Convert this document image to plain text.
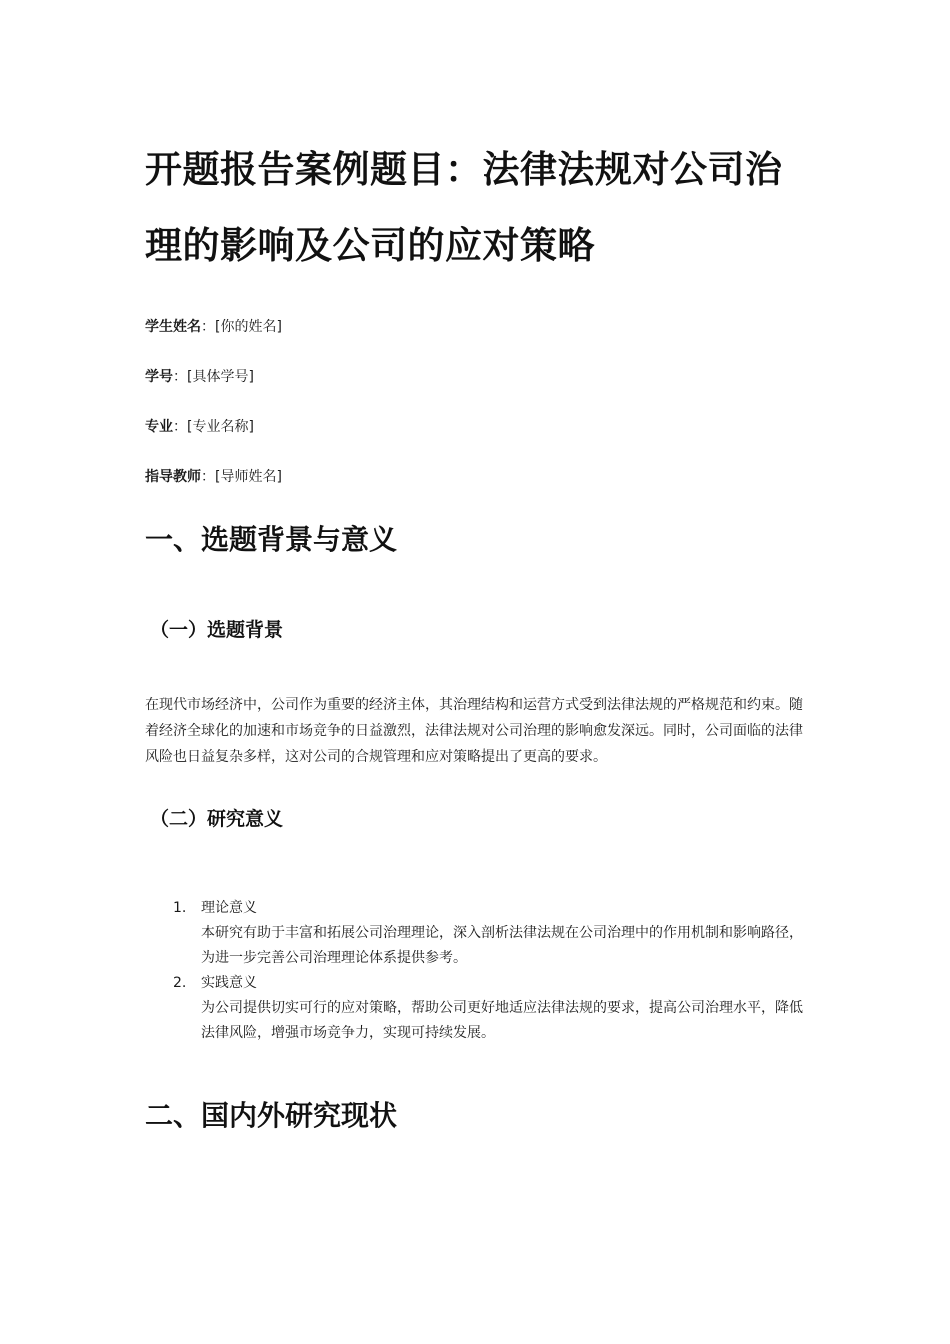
开题报告案例题目：法律法规对公司治理的影响及公司的应对策略

学生姓名：[你的姓名]

学号：[具体学号]

专业：[专业名称]

指导教师：[导师姓名]

一、选题背景与意义
（一）选题背景

在现代市场经济中，公司作为重要的经济主体，其治理结构和运营方式受到法律法规的严格规范和约束。随着经济全球化的加速和市场竞争的日益激烈，法律法规对公司治理的影响愈发深远。同时，公司面临的法律风险也日益复杂多样，这对公司的合规管理和应对策略提出了更高的要求。

（二）研究意义
1. 理论意义
本研究有助于丰富和拓展公司治理理论，深入剖析法律法规在公司治理中的作用机制和影响路径，为进一步完善公司治理理论体系提供参考。
2. 实践意义
为公司提供切实可行的应对策略，帮助公司更好地适应法律法规的要求，提高公司治理水平，降低法律风险，增强市场竞争力，实现可持续发展。
二、国内外研究现状
